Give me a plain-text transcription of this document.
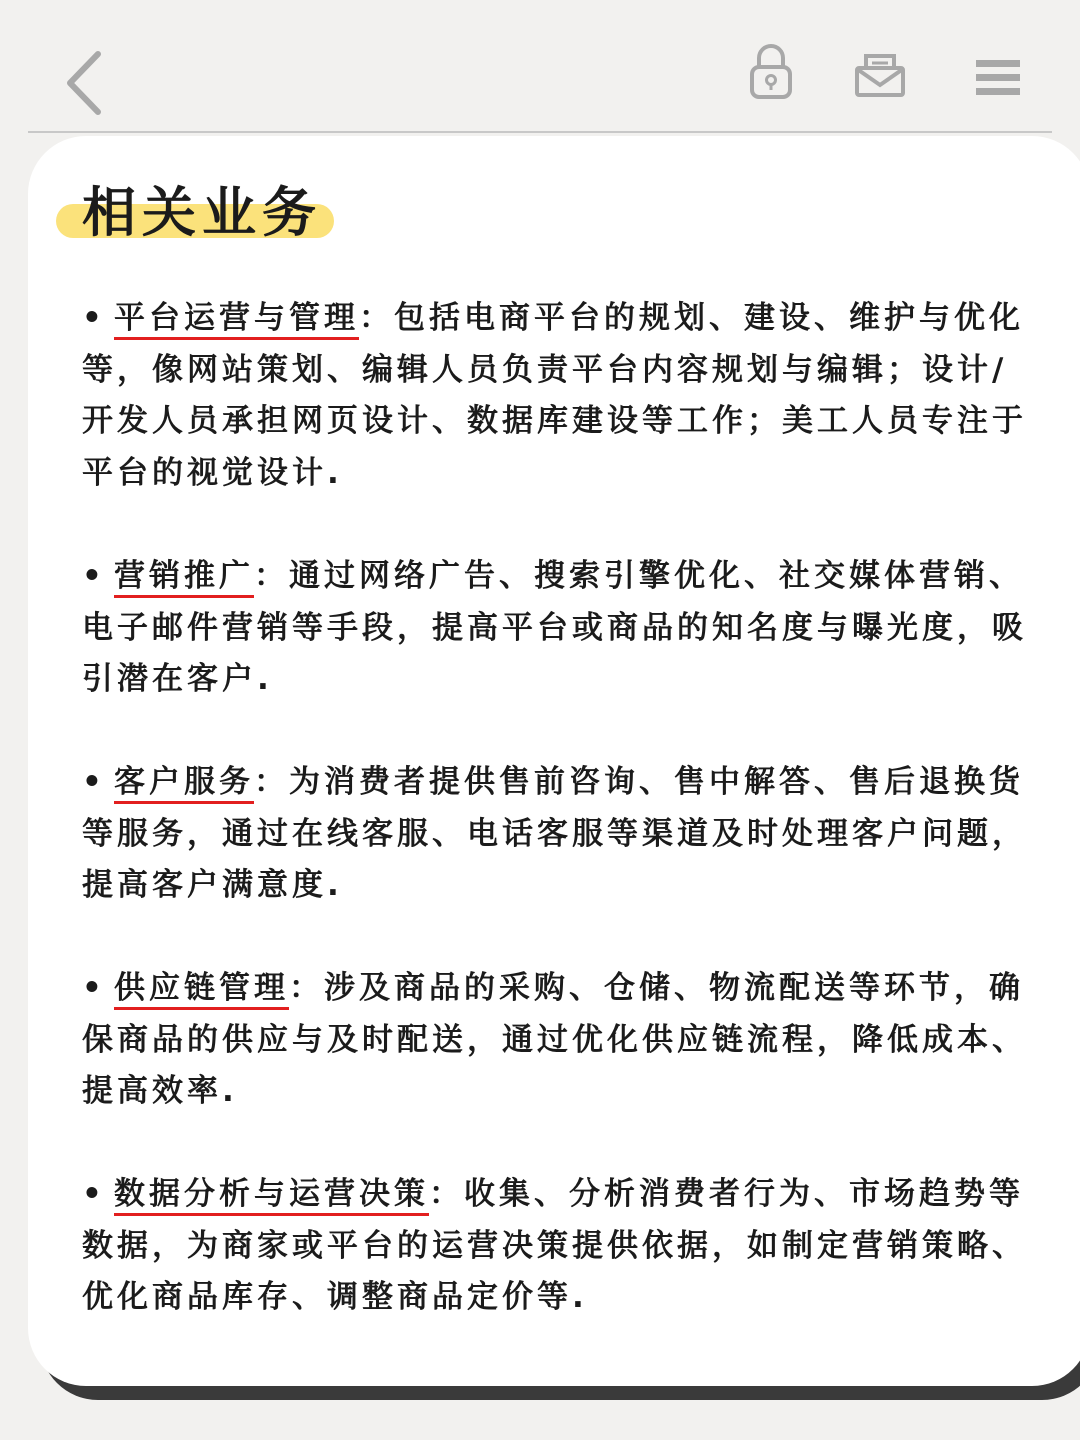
相关业务
• 平台运营与管理：包括电商平台的规划、建设、维护与优化等，像网站策划、编辑人员负责平台内容规划与编辑；设计/开发人员承担网页设计、数据库建设等工作；美工人员专注于平台的视觉设计.
• 营销推广：通过网络广告、搜索引擎优化、社交媒体营销、电子邮件营销等手段，提高平台或商品的知名度与曝光度，吸引潜在客户.
• 客户服务：为消费者提供售前咨询、售中解答、售后退换货等服务，通过在线客服、电话客服等渠道及时处理客户问题，提高客户满意度.
• 供应链管理：涉及商品的采购、仓储、物流配送等环节，确保商品的供应与及时配送，通过优化供应链流程，降低成本、提高效率.
• 数据分析与运营决策：收集、分析消费者行为、市场趋势等数据，为商家或平台的运营决策提供依据，如制定营销策略、优化商品库存、调整商品定价等.
